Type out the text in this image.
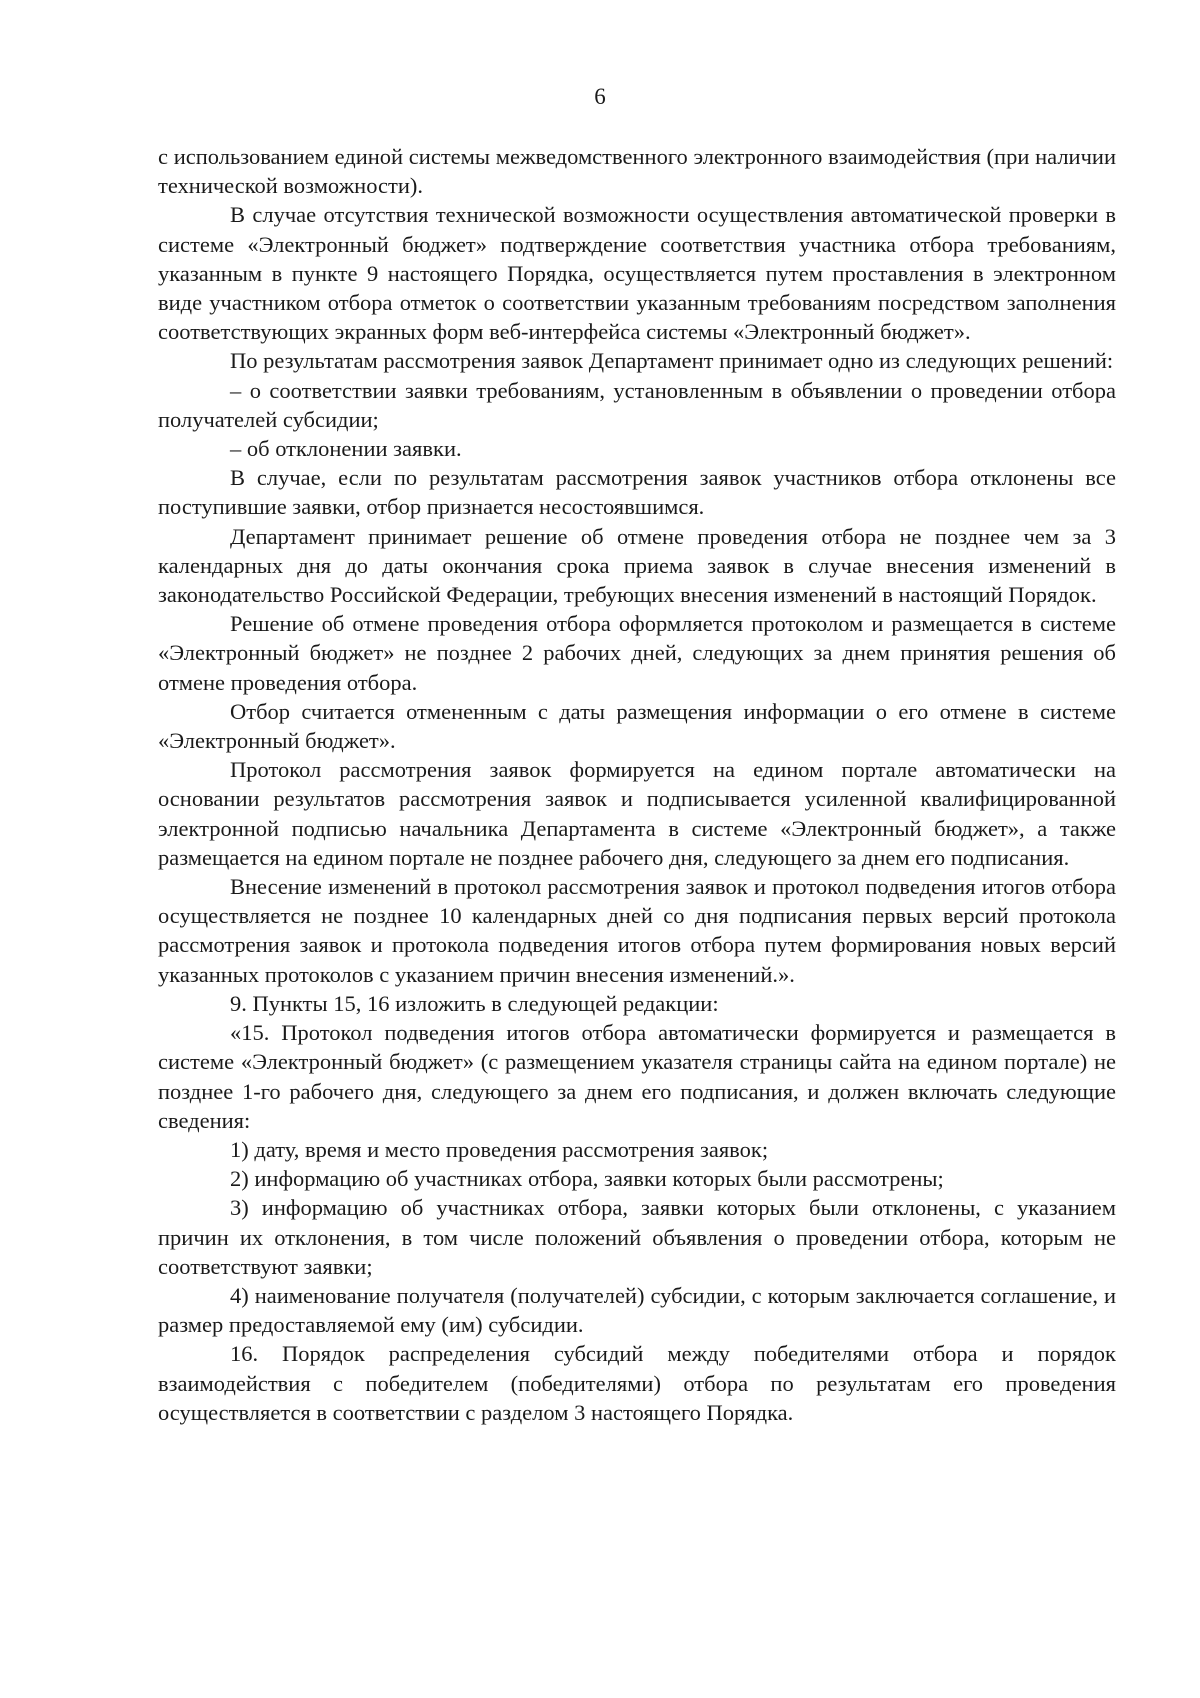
6

с использованием единой системы межведомственного электронного взаимодействия (при наличии технической возможности).

В случае отсутствия технической возможности осуществления автоматической проверки в системе «Электронный бюджет» подтверждение соответствия участника отбора требованиям, указанным в пункте 9 настоящего Порядка, осуществляется путем проставления в электронном виде участником отбора отметок о соответствии указанным требованиям посредством заполнения соответствующих экранных форм веб-интерфейса системы «Электронный бюджет».

По результатам рассмотрения заявок Департамент принимает одно из следующих решений:

– о соответствии заявки требованиям, установленным в объявлении о проведении отбора получателей субсидии;

– об отклонении заявки.

В случае, если по результатам рассмотрения заявок участников отбора отклонены все поступившие заявки, отбор признается несостоявшимся.

Департамент принимает решение об отмене проведения отбора не позднее чем за 3 календарных дня до даты окончания срока приема заявок в случае внесения изменений в законодательство Российской Федерации, требующих внесения изменений в настоящий Порядок.

Решение об отмене проведения отбора оформляется протоколом и размещается в системе «Электронный бюджет» не позднее 2 рабочих дней, следующих за днем принятия решения об отмене проведения отбора.

Отбор считается отмененным с даты размещения информации о его отмене в системе «Электронный бюджет».

Протокол рассмотрения заявок формируется на едином портале автоматически на основании результатов рассмотрения заявок и подписывается усиленной квалифицированной электронной подписью начальника Департамента в системе «Электронный бюджет», а также размещается на едином портале не позднее рабочего дня, следующего за днем его подписания.

Внесение изменений в протокол рассмотрения заявок и протокол подведения итогов отбора осуществляется не позднее 10 календарных дней со дня подписания первых версий протокола рассмотрения заявок и протокола подведения итогов отбора путем формирования новых версий указанных протоколов с указанием причин внесения изменений.».

9. Пункты 15, 16 изложить в следующей редакции:

«15. Протокол подведения итогов отбора автоматически формируется и размещается в системе «Электронный бюджет» (с размещением указателя страницы сайта на едином портале) не позднее 1-го рабочего дня, следующего за днем его подписания, и должен включать следующие сведения:

1) дату, время и место проведения рассмотрения заявок;

2) информацию об участниках отбора, заявки которых были рассмотрены;

3) информацию об участниках отбора, заявки которых были отклонены, с указанием причин их отклонения, в том числе положений объявления о проведении отбора, которым не соответствуют заявки;

4) наименование получателя (получателей) субсидии, с которым заключается соглашение, и размер предоставляемой ему (им) субсидии.

16. Порядок распределения субсидий между победителями отбора и порядок взаимодействия с победителем (победителями) отбора по результатам его проведения осуществляется в соответствии с разделом 3 настоящего Порядка.
